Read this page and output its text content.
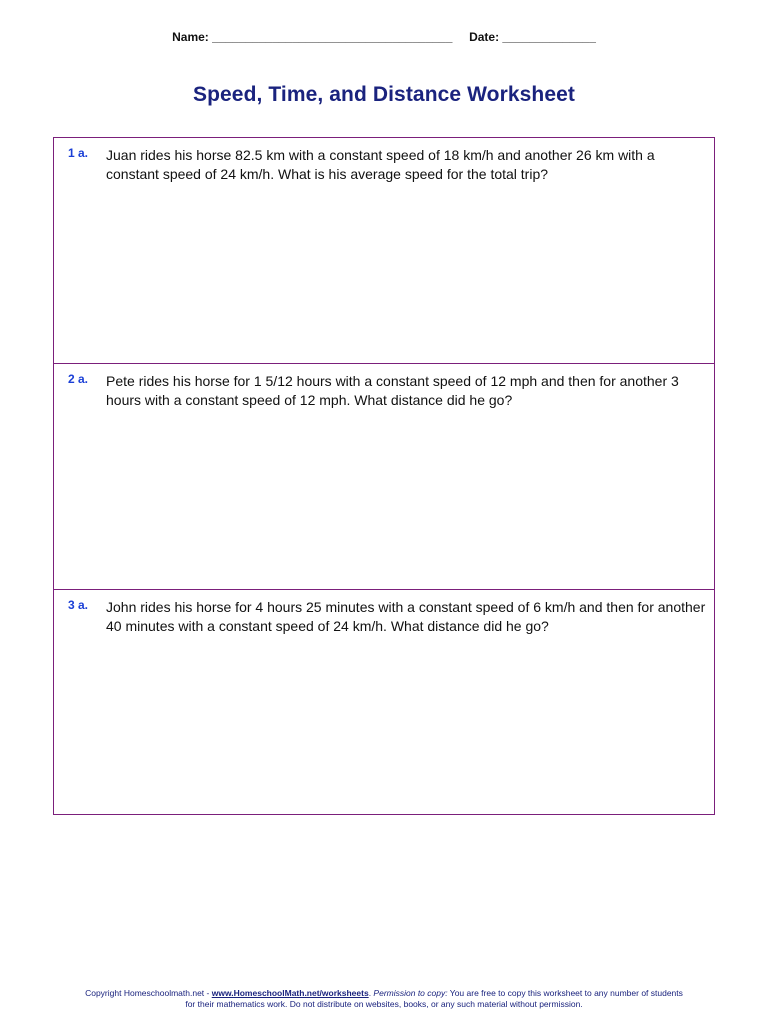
Name: ____________________________________ Date: ______________
Speed, Time, and Distance Worksheet
1 a. Juan rides his horse 82.5 km with a constant speed of 18 km/h and another 26 km with a constant speed of 24 km/h. What is his average speed for the total trip?
2 a. Pete rides his horse for 1 5/12 hours with a constant speed of 12 mph and then for another 3 hours with a constant speed of 12 mph. What distance did he go?
3 a. John rides his horse for 4 hours 25 minutes with a constant speed of 6 km/h and then for another 40 minutes with a constant speed of 24 km/h. What distance did he go?
Copyright Homeschoolmath.net - www.HomeschoolMath.net/worksheets. Permission to copy: You are free to copy this worksheet to any number of students for their mathematics work. Do not distribute on websites, books, or any such material without permission.
